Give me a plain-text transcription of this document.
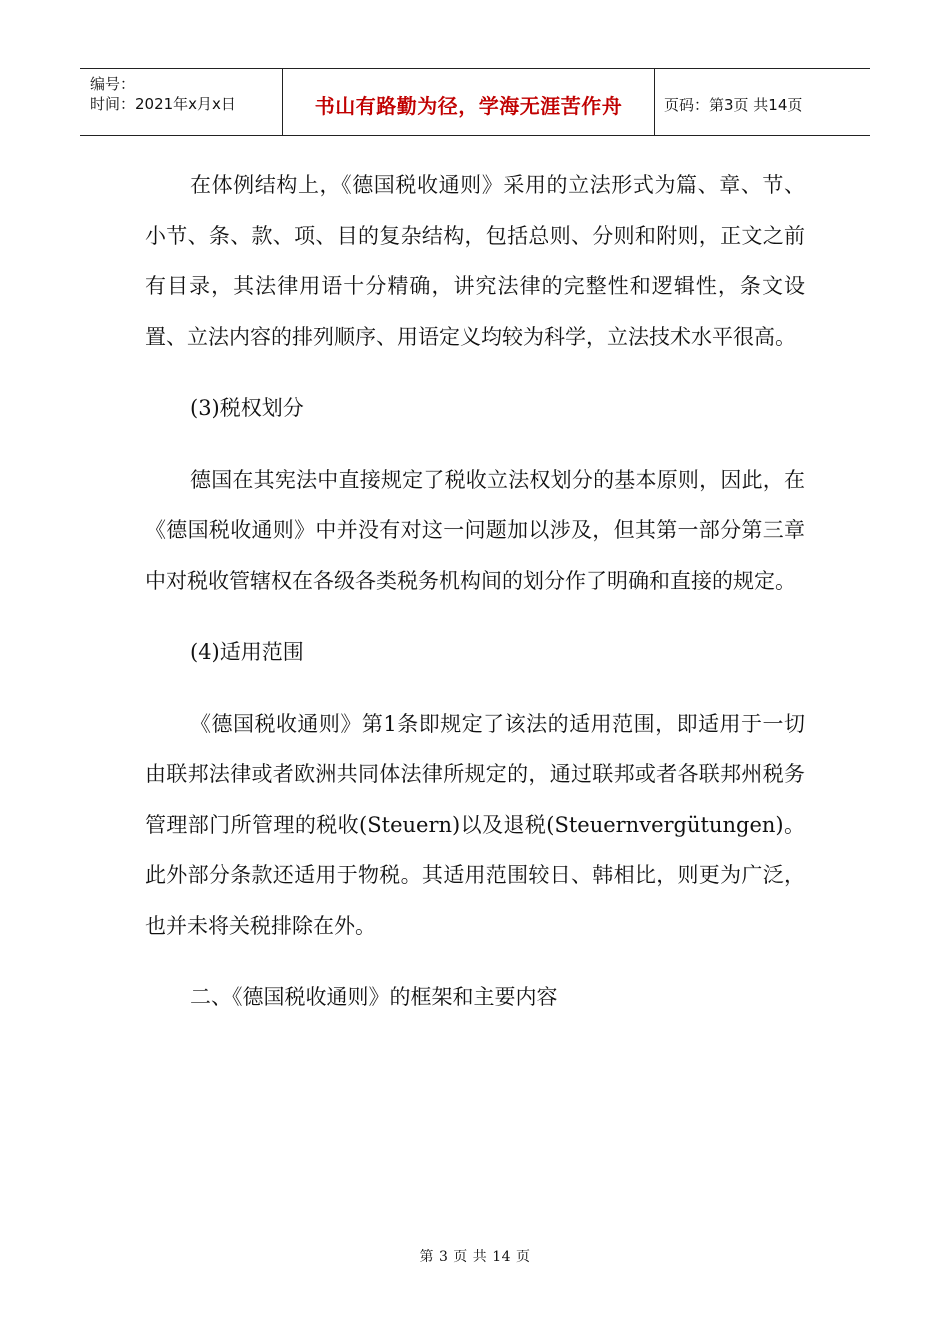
编号：
时间：2021年x月x日	书山有路勤为径，学海无涯苦作舟	页码：第3页 共14页

在体例结构上，《德国税收通则》采用的立法形式为篇、章、节、小节、条、款、项、目的复杂结构，包括总则、分则和附则，正文之前有目录，其法律用语十分精确，讲究法律的完整性和逻辑性，条文设置、立法内容的排列顺序、用语定义均较为科学，立法技术水平很高。

(3)税权划分

德国在其宪法中直接规定了税收立法权划分的基本原则，因此，在《德国税收通则》中并没有对这一问题加以涉及，但其第一部分第三章中对税收管辖权在各级各类税务机构间的划分作了明确和直接的规定。

(4)适用范围

《德国税收通则》第1条即规定了该法的适用范围，即适用于一切由联邦法律或者欧洲共同体法律所规定的，通过联邦或者各联邦州税务管理部门所管理的税收(Steuern)以及退税(Steuernvergütungen)。此外部分条款还适用于物税。其适用范围较日、韩相比，则更为广泛，也并未将关税排除在外。

二、《德国税收通则》的框架和主要内容

第 3 页 共 14 页
